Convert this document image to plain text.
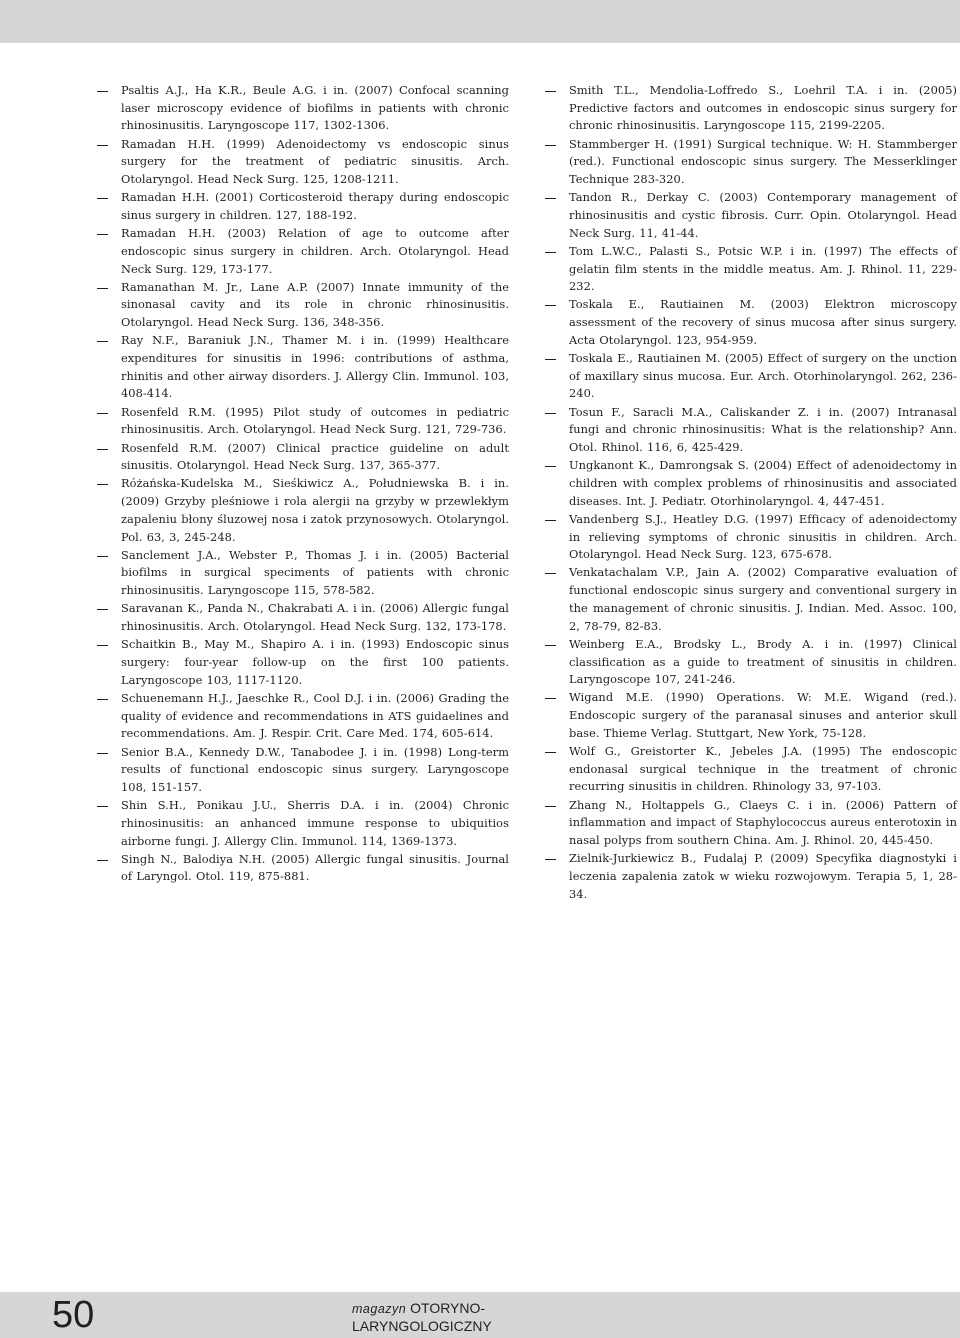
Psaltis A.J., Ha K.R., Beule A.G. i in. (2007) Confocal scanning laser microscopy evidence of biofilms in patients with chronic rhinosinusitis. Laryngoscope 117, 1302-1306.
Ramadan H.H. (1999) Adenoidectomy vs endoscopic sinus surgery for the treatment of pediatric sinusitis. Arch. Otolaryngol. Head Neck Surg. 125, 1208-1211.
Ramadan H.H. (2001) Corticosteroid therapy during endoscopic sinus surgery in children. 127, 188-192.
Ramadan H.H. (2003) Relation of age to outcome after endoscopic sinus surgery in children. Arch. Otolaryngol. Head Neck Surg. 129, 173-177.
Ramanathan M. Jr., Lane A.P. (2007) Innate immunity of the sinonasal cavity and its role in chronic rhinosinusitis. Otolaryngol. Head Neck Surg. 136, 348-356.
Ray N.F., Baraniuk J.N., Thamer M. i in. (1999) Healthcare expenditures for sinusitis in 1996: contributions of asthma, rhinitis and other airway disorders. J. Allergy Clin. Immunol. 103, 408-414.
Rosenfeld R.M. (1995) Pilot study of outcomes in pediatric rhinosinusitis. Arch. Otolaryngol. Head Neck Surg. 121, 729-736.
Rosenfeld R.M. (2007) Clinical practice guideline on adult sinusitis. Otolaryngol. Head Neck Surg. 137, 365-377.
Różańska-Kudelska M., Sieśkiwicz A., Południewska B. i in. (2009) Grzyby pleśniowe i rola alergii na grzyby w przewlekłym zapaleniu błony śluzowej nosa i zatok przynosowych. Otolaryngol. Pol. 63, 3, 245-248.
Sanclement J.A., Webster P., Thomas J. i in. (2005) Bacterial biofilms in surgical speciments of patients with chronic rhinosinusitis. Laryngoscope 115, 578-582.
Saravanan K., Panda N., Chakrabati A. i in. (2006) Allergic fungal rhinosinusitis. Arch. Otolaryngol. Head Neck Surg. 132, 173-178.
Schaitkin B., May M., Shapiro A. i in. (1993) Endoscopic sinus surgery: four-year follow-up on the first 100 patients. Laryngoscope 103, 1117-1120.
Schuenemann H.J., Jaeschke R., Cool D.J. i in. (2006) Grading the quality of evidence and recommendations in ATS guidaelines and recommendations. Am. J. Respir. Crit. Care Med. 174, 605-614.
Senior B.A., Kennedy D.W., Tanabodee J. i in. (1998) Long-term results of functional endoscopic sinus surgery. Laryngoscope 108, 151-157.
Shin S.H., Ponikau J.U., Sherris D.A. i in. (2004) Chronic rhinosinusitis: an anhanced immune response to ubiquitios airborne fungi. J. Allergy Clin. Immunol. 114, 1369-1373.
Singh N., Balodiya N.H. (2005) Allergic fungal sinusitis. Journal of Laryngol. Otol. 119, 875-881.
Smith T.L., Mendolia-Loffredo S., Loehril T.A. i in. (2005) Predictive factors and outcomes in endoscopic sinus surgery for chronic rhinosinusitis. Laryngoscope 115, 2199-2205.
Stammberger H. (1991) Surgical technique. W: H. Stammberger (red.). Functional endoscopic sinus surgery. The Messerklinger Technique 283-320.
Tandon R., Derkay C. (2003) Contemporary management of rhinosinusitis and cystic fibrosis. Curr. Opin. Otolaryngol. Head Neck Surg. 11, 41-44.
Tom L.W.C., Palasti S., Potsic W.P. i in. (1997) The effects of gelatin film stents in the middle meatus. Am. J. Rhinol. 11, 229-232.
Toskala E., Rautiainen M. (2003) Elektron microscopy assessment of the recovery of sinus mucosa after sinus surgery. Acta Otolaryngol. 123, 954-959.
Toskala E., Rautiainen M. (2005) Effect of surgery on the unction of maxillary sinus mucosa. Eur. Arch. Otorhinolaryngol. 262, 236-240.
Tosun F., Saracli M.A., Caliskander Z. i in. (2007) Intranasal fungi and chronic rhinosinusitis: What is the relationship? Ann. Otol. Rhinol. 116, 6, 425-429.
Ungkanont K., Damrongsak S. (2004) Effect of adenoidectomy in children with complex problems of rhinosinusitis and associated diseases. Int. J. Pediatr. Otorhinolaryngol. 4, 447-451.
Vandenberg S.J., Heatley D.G. (1997) Efficacy of adenoidectomy in relieving symptoms of chronic sinusitis in children. Arch. Otolaryngol. Head Neck Surg. 123, 675-678.
Venkatachalam V.P., Jain A. (2002) Comparative evaluation of functional endoscopic sinus surgery and conventional surgery in the management of chronic sinusitis. J. Indian. Med. Assoc. 100, 2, 78-79, 82-83.
Weinberg E.A., Brodsky L., Brody A. i in. (1997) Clinical classification as a guide to treatment of sinusitis in children. Laryngoscope 107, 241-246.
Wigand M.E. (1990) Operations. W: M.E. Wigand (red.). Endoscopic surgery of the paranasal sinuses and anterior skull base. Thieme Verlag. Stuttgart, New York, 75-128.
Wolf G., Greistorter K., Jebeles J.A. (1995) The endoscopic endonasal surgical technique in the treatment of chronic recurring sinusitis in children. Rhinology 33, 97-103.
Zhang N., Holtappels G., Claeys C. i in. (2006) Pattern of inflammation and impact of Staphylococcus aureus enterotoxin in nasal polyps from southern China. Am. J. Rhinol. 20, 445-450.
Zielnik-Jurkiewicz B., Fudalaj P. (2009) Specyfika diagnostyki i leczenia zapalenia zatok w wieku rozwojowym. Terapia 5, 1, 28-34.
50	magazyn OTORYNO-
LARYNGOLOGICZNY
